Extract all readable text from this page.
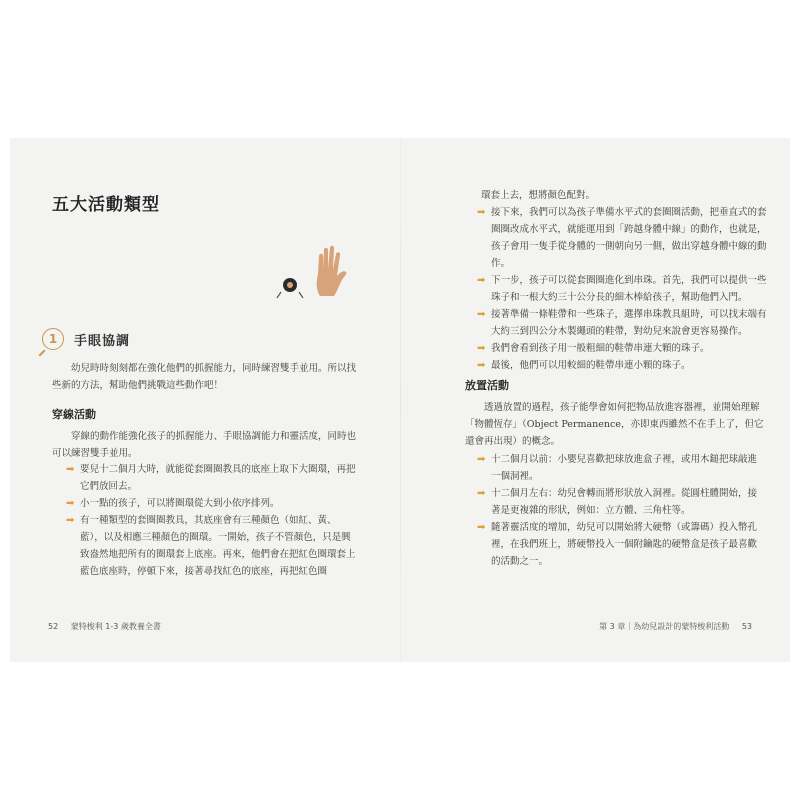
五大活動類型
1 手眼協調

幼兒時時刻刻都在強化他們的抓握能力，同時練習雙手並用。所以找些新的方法，幫助他們挑戰這些動作吧！

穿線活動

穿線的動作能強化孩子的抓握能力、手眼協調能力和靈活度，同時也可以練習雙手並用。

➡ 要兒十二個月大時，就能從套圈圈教具的底座上取下大圈環，再把它們放回去。
➡ 小一點的孩子，可以將圈環從大到小依序排列。
➡ 有一種類型的套圈圈教具，其底座會有三種顏色（如紅、黃、藍），以及相應三種顏色的圈環。一開始，孩子不管顏色，只是興致盎然地把所有的圈環套上底座。再來，他們會在把紅色圈環套上藍色底座時，停頓下來，接著尋找紅色的底座，再把紅色圈
52 蒙特梭利 1-3 歲教養全書
環套上去，想將顏色配對。
➡ 接下來，我們可以為孩子準備水平式的套圈圈活動，把垂直式的套圈圈改成水平式，就能運用到「跨越身體中線」的動作，也就是，孩子會用一隻手從身體的一側朝向另一側，做出穿越身體中線的動作。
➡ 下一步，孩子可以從套圈圈進化到串珠。首先，我們可以提供一些珠子和一根大約三十公分長的細木棒給孩子，幫助他們入門。
➡ 接著準備一條鞋帶和一些珠子，選擇串珠教具組時，可以找末端有大約三到四公分木製繩頭的鞋帶，對幼兒來說會更容易操作。
➡ 我們會看到孩子用一般粗細的鞋帶串連大顆的珠子。
➡ 最後，他們可以用較細的鞋帶串連小顆的珠子。
放置活動

透過放置的過程，孩子能學會如何把物品放進容器裡，並開始理解「物體恆存」（Object Permanence，亦即東西雖然不在手上了，但它還會再出現）的概念。

➡ 十二個月以前：小嬰兒喜歡把球放進盒子裡，或用木鎚把球敲進一個洞裡。
➡ 十二個月左右：幼兒會轉而將形狀放入洞裡。從圓柱體開始，接著是更複雜的形狀，例如：立方體、三角柱等。
➡ 隨著靈活度的增加，幼兒可以開始將大硬幣（或籌碼）投入幣孔裡，在我們班上，將硬幣投入一個附鑰匙的硬幣盒是孩子最喜歡的活動之一。
第 3 章｜為幼兒設計的蒙特梭利活動 53
